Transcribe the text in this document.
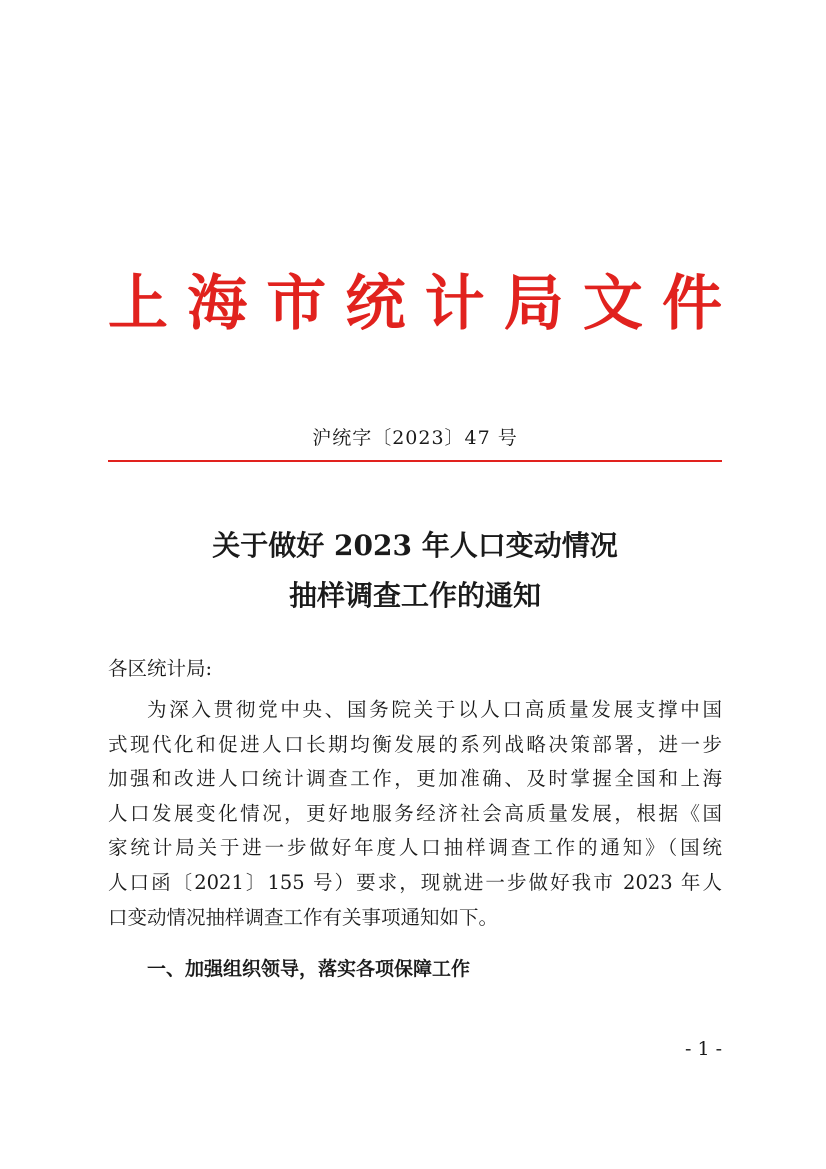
上 海 市 统 计 局 文 件
沪统字〔2023〕47 号
关于做好 2023 年人口变动情况
抽样调查工作的通知
各区统计局:
为深入贯彻党中央、国务院关于以人口高质量发展支撑中国
式现代化和促进人口长期均衡发展的系列战略决策部署，进一步
加强和改进人口统计调查工作，更加准确、及时掌握全国和上海
人口发展变化情况，更好地服务经济社会高质量发展，根据《国
家统计局关于进一步做好年度人口抽样调查工作的通知》（国统
人口函〔2021〕155 号）要求，现就进一步做好我市 2023 年人
口变动情况抽样调查工作有关事项通知如下。
一、加强组织领导，落实各项保障工作
- 1 -
